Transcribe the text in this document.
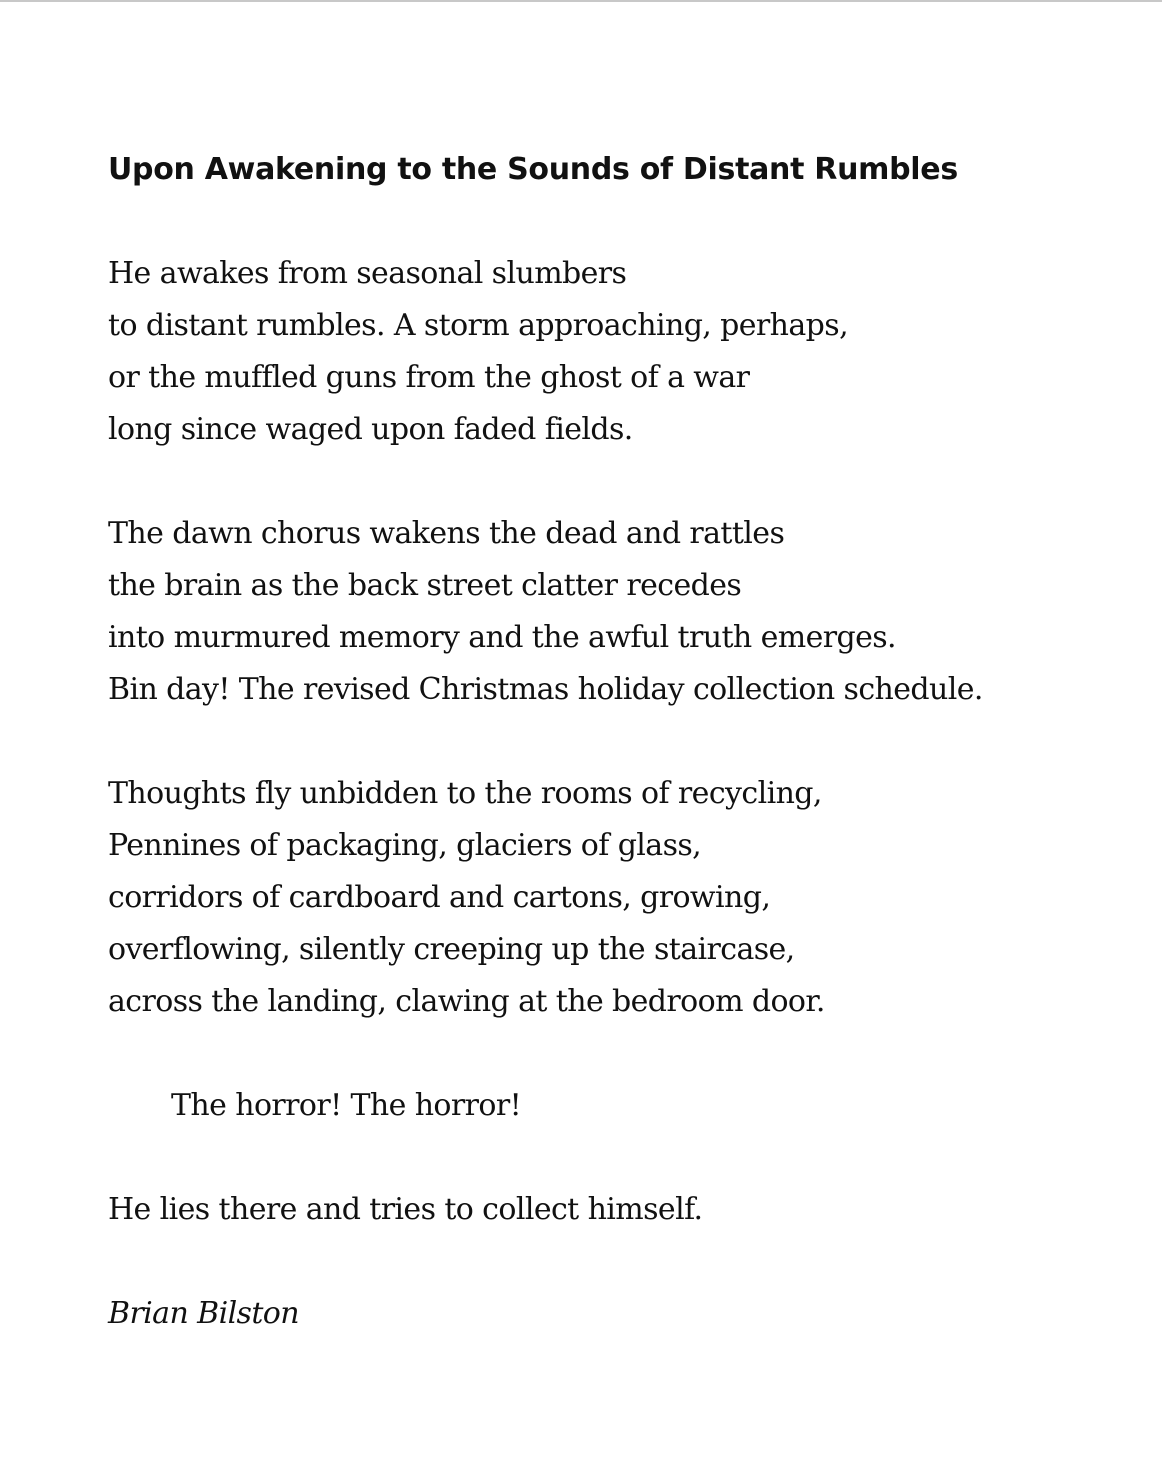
Upon Awakening to the Sounds of Distant Rumbles
He awakes from seasonal slumbers
to distant rumbles. A storm approaching, perhaps,
or the muffled guns from the ghost of a war
long since waged upon faded fields.
The dawn chorus wakens the dead and rattles
the brain as the back street clatter recedes
into murmured memory and the awful truth emerges.
Bin day! The revised Christmas holiday collection schedule.
Thoughts fly unbidden to the rooms of recycling,
Pennines of packaging, glaciers of glass,
corridors of cardboard and cartons, growing,
overflowing, silently creeping up the staircase,
across the landing, clawing at the bedroom door.
The horror! The horror!
He lies there and tries to collect himself.
Brian Bilston
